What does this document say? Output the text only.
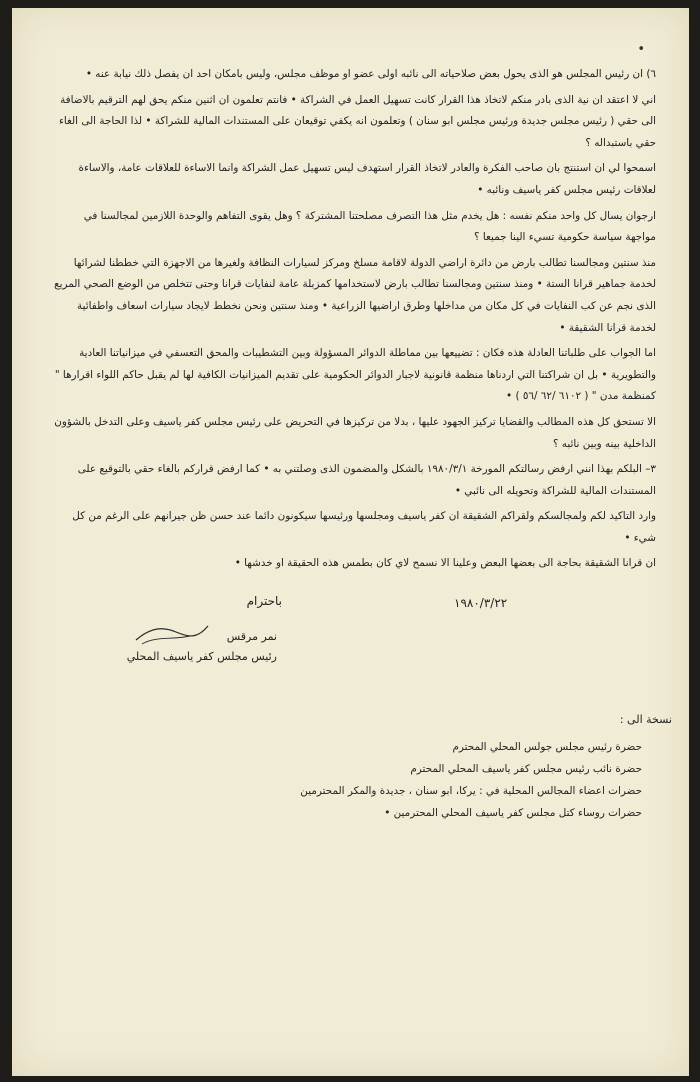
•

٦) ان رئيس المجلس هو الذى يحول بعض صلاحياته الى نائبه اولى عضو او موظف مجلس، وليس بامكان احد ان يفصل ذلك نيابة عنه •

اني لا اعتقد ان نية الذى بادر منكم لاتخاذ هذا القرار كانت تسهيل العمل في الشراكة • فانتم تعلمون ان اثنين منكم يحق لهم الترقيم بالاضافة الى حقي ( رئيس مجلس جديدة ورئيس مجلس ابو سنان ) وتعلمون انه يكفي توقيعان على المستندات المالية للشراكة • لذا الحاجة الى الغاء حقي باستبداله ؟

اسمحوا لي ان استنتج بان صاحب الفكرة والعادر لاتخاذ القرار استهدف ليس تسهيل عمل الشراكة وانما الاساءة للعلاقات عامة، والاساءة لعلاقات رئيس مجلس كفر ياسيف ونائبه •

ارجوان يسال كل واحد منكم نفسه : هل يخدم مثل هذا التصرف مصلحتنا المشتركة ؟ وهل يقوى التفاهم والوحدة اللازمين لمجالسنا في مواجهة سياسة حكومية تسيء الينا جميعا ؟

منذ سنتين ومجالسنا تطالب بارض من دائرة اراضي الدولة لاقامة مسلخ ومركز لسيارات النظافة ولغيرها من الاجهزة التي خططنا لشرائها لخدمة جماهير قرانا الستة • ومنذ سنتين ومجالسنا تطالب بارض لاستخدامها كمزبلة عامة لنفايات قرانا وحتى تتخلص من الوضع الصحي المريع الذى نجم عن كب النفايات في كل مكان من مداخلها وطرق اراضيها الزراعية • ومنذ سنتين ونحن نخطط لايجاد سيارات اسعاف واطفائية لخدمة قرانا الشقيقة •

اما الجواب على طلباتنا العادلة هذه فكان : تضييعها بين مماطلة الدوائر المسؤولة وبين التشطيبات والمحق التعسفي في ميزانياتنا العادية والتطويرية • بل ان شراكتنا التي اردناها منظمة قانونية لاجبار الدوائر الحكومية على تقديم الميزانيات الكافية لها لم يقبل حاكم اللواء اقرارها " كمنظمة مدن " ( ٦١٠٢ /٦٢ /٥٦ ) •

الا تستحق كل هذه المطالب والقضايا تركيز الجهود عليها ، بدلا من تركيزها في التحريض على رئيس مجلس كفر ياسيف وعلى التدخل بالشؤون الداخلية بينه وبين نائبه ؟

٣– البلكم بهذا انني ارفض رسالتكم المورخة ١٩٨٠/٣/١ بالشكل والمضمون الذى وصلتني به • كما ارفض قراركم بالغاء حقي بالتوقيع على المستندات المالية للشراكة وتحويله الى نائبي •

وارد التاكيد لكم ولمجالسكم ولقراكم الشقيقة ان كفر ياسيف ومجلسها ورئيسها سيكونون دائما عند حسن ظن جيرانهم على الرغم من كل شيء •

ان قرانا الشقيقة بحاجة الى بعضها البعض وعلينا الا نسمح لاي كان بطمس هذه الحقيقة او خدشها •

١٩٨٠/٣/٢٢
باحترام
نمر مرقس
رئيس مجلس كفر ياسيف المحلي
نسخة الى :
حضرة رئيس مجلس جولس المحلي المحترم
حضرة نائب رئيس مجلس كفر ياسيف المحلي المحترم
حضرات اعضاء المجالس المحلية في : يركا، ابو سنان ، جديدة والمكر المحترمين
حضرات روساء كتل مجلس كفر ياسيف المحلي المحترمين •
